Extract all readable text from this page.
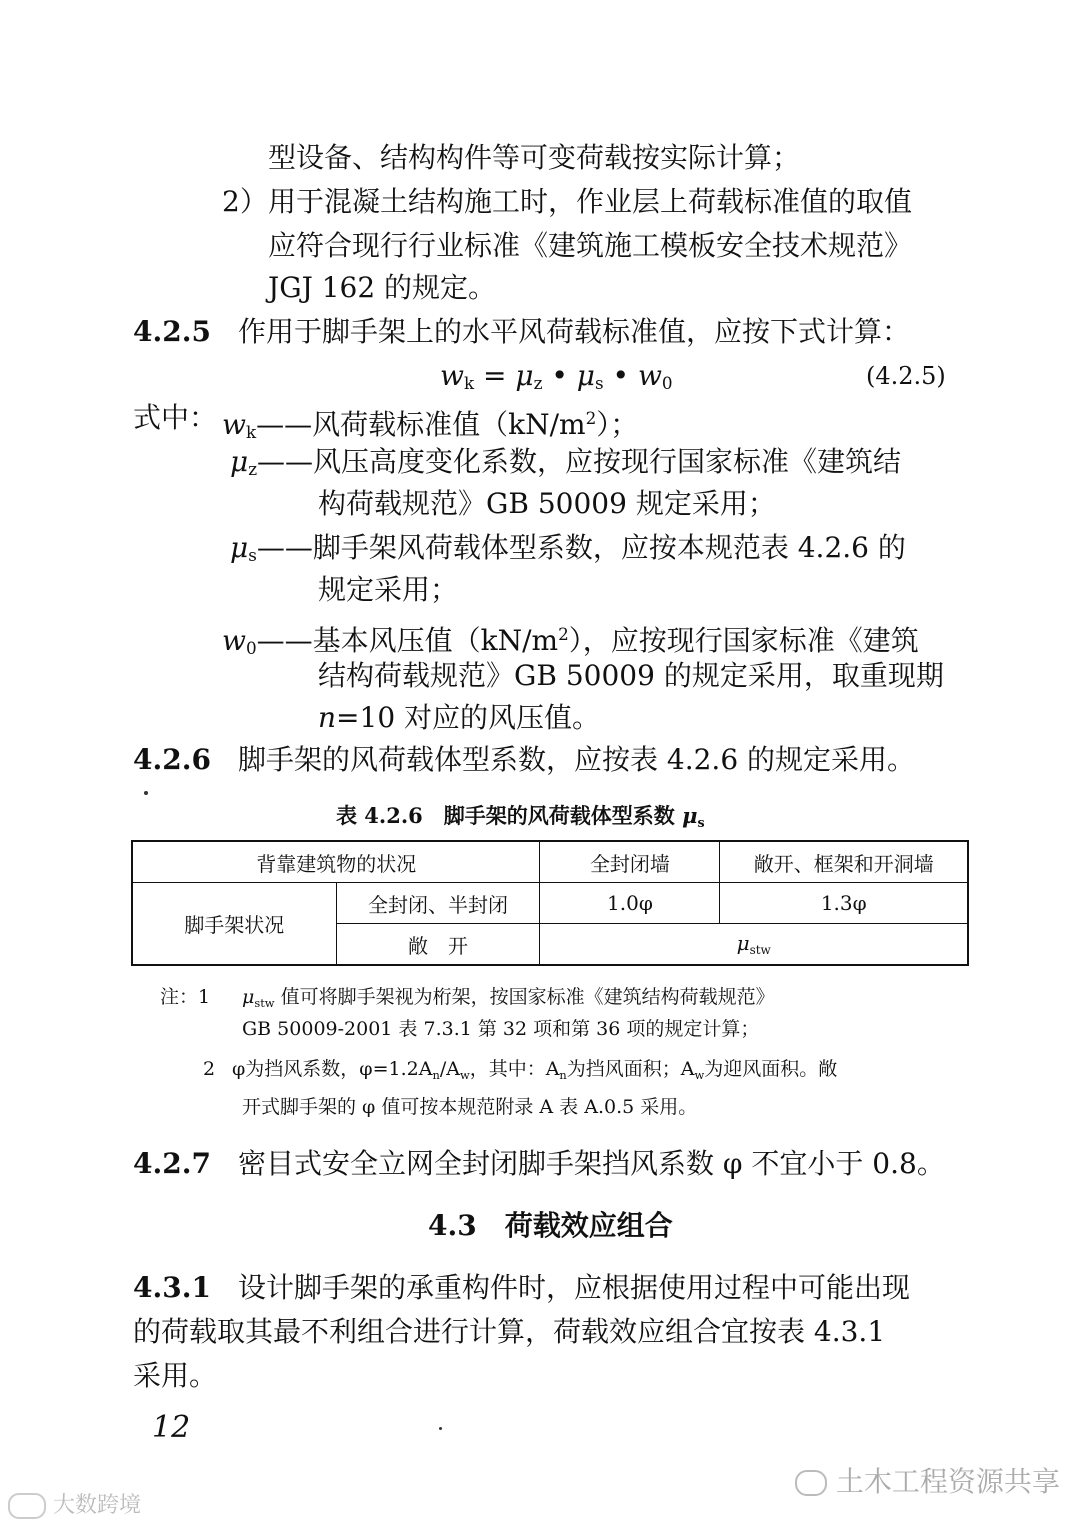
型设备、结构构件等可变荷载按实际计算；
2） 用于混凝土结构施工时，作业层上荷载标准值的取值
应符合现行行业标准《建筑施工模板安全技术规范》
JGJ 162 的规定。
4.2.5 作用于脚手架上的水平风荷载标准值，应按下式计算：
$w_k = \mu_z$ • $\mu_s$ • $w_0$	(4.2.5)
式中： $w_k——$风荷载标准值$(kN/m^2)$；
$\mu_z——$风压高度变化系数，应按现行国家标准《建筑结
构荷载规范》GB 50009 规定采用；
$\mu_s——$脚手架风荷载体型系数，应按本规范表 4.2.6 的
规定采用；
$w_0——$基本风压值$(kN/m^2)$，应按现行国家标准《建筑
结构荷载规范》GB 50009 的规定采用，取重现期
n=10 对应的风压值。
4.2.6 脚手架的风荷载体型系数，应按表 4.2.6 的规定采用。
表 4.2.6　脚手架的风荷载体型系数 $\mu_s$
背靠建筑物的状况		全封闭墙	敞开、框架和开洞墙
脚手架状况	全封闭、半封闭	1.0φ	1.3φ
	敞　开	$\mu_{stw}$
注：1 $\mu_{stw}$ 值可将脚手架视为桁架，按国家标准《建筑结构荷载规范》
GB 50009-2001 表 7.3.1 第 32 项和第 36 项的规定计算；
2 φ为挡风系数，$\varphi=1.2A_n/A_w$，其中：$A_n$为挡风面积；$A_w$为迎风面积。敞
开式脚手架的 φ 值可按本规范附录 A 表 A.0.5 采用。
4.2.7 密目式安全立网全封闭脚手架挡风系数 φ 不宜小于 0.8。
4.3　荷载效应组合
4.3.1 设计脚手架的承重构件时，应根据使用过程中可能出现
的荷载取其最不利组合进行计算，荷载效应组合宜按表 4.3.1
采用。
12
大数跨境
土木工程资源共享
